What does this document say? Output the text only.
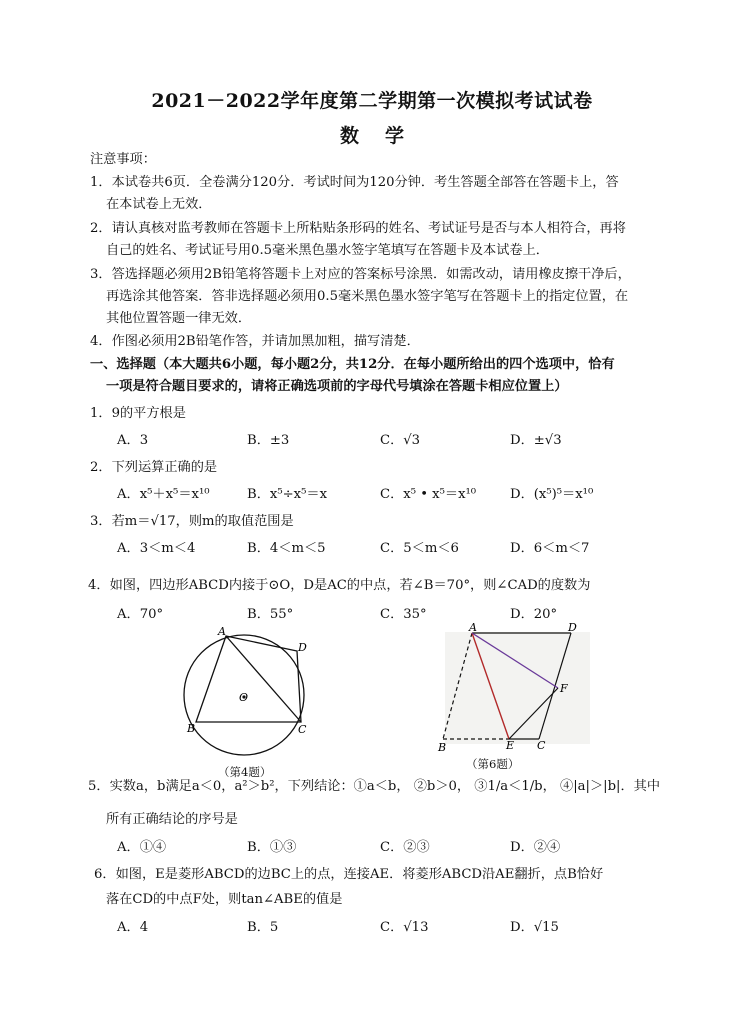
2021－2022学年度第二学期第一次模拟考试试卷
数学
注意事项：
1．本试卷共6页．全卷满分120分．考试时间为120分钟．考生答题全部答在答题卡上，答
在本试卷上无效．
2．请认真核对监考教师在答题卡上所粘贴条形码的姓名、考试证号是否与本人相符合，再将
自己的姓名、考试证号用0.5毫米黑色墨水签字笔填写在答题卡及本试卷上．
3．答选择题必须用2B铅笔将答题卡上对应的答案标号涂黑．如需改动，请用橡皮擦干净后，
再选涂其他答案．答非选择题必须用0.5毫米黑色墨水签字笔写在答题卡上的指定位置，在
其他位置答题一律无效．
4．作图必须用2B铅笔作答，并请加黑加粗，描写清楚．
一、选择题（本大题共6小题，每小题2分，共12分．在每小题所给出的四个选项中，恰有
一项是符合题目要求的，请将正确选项前的字母代号填涂在答题卡相应位置上）
1．9的平方根是
A．3	B．±3	C．√3	D．±√3
2．下列运算正确的是
A．x⁵＋x⁵＝x¹⁰	B．x⁵÷x⁵＝x	C．x⁵ • x⁵＝x¹⁰	D．(x⁵)⁵＝x¹⁰
3．若m＝√17，则m的取值范围是
A．3＜m＜4	B．4＜m＜5	C．5＜m＜6	D．6＜m＜7
4．如图，四边形ABCD内接于⊙O，D是AC的中点，若∠B＝70°，则∠CAD的度数为
A．70°	B．55°	C．35°	D．20°
A
D
O
B	C
（第4题）
A	D
F
B	E C
（第6题）
5．实数a，b满足a＜0，a²＞b²，下列结论：①a＜b， ②b＞0， ③1/a＜1/b， ④|a|＞|b|．其中
所有正确结论的序号是
A．①④	B．①③	C．②③	D．②④
6．如图，E是菱形ABCD的边BC上的点，连接AE．将菱形ABCD沿AE翻折，点B恰好
落在CD的中点F处，则tan∠ABE的值是
A．4	B．5	C．√13	D．√15
